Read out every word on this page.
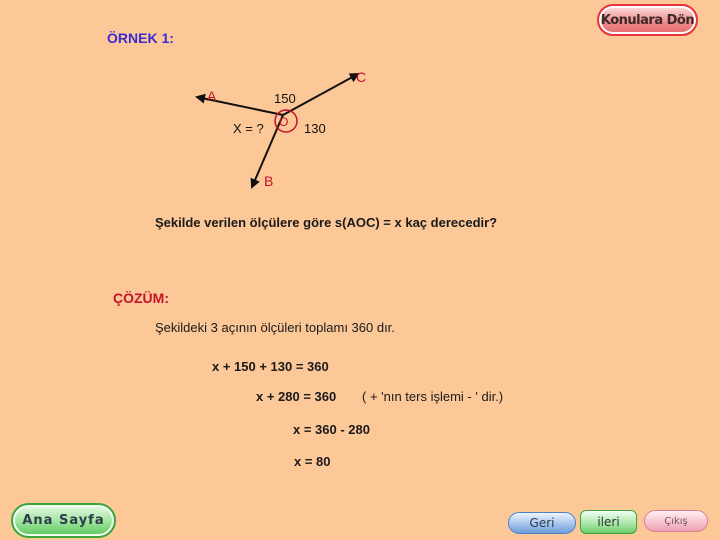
Konulara Dön
ÖRNEK 1:
A
C
B
O
150
130
X = ?
Şekilde verilen ölçülere göre s(AOC) = x kaç derecedir?
ÇÖZÜM:
Şekildeki 3 açının ölçüleri toplamı 360 dır.
x + 150 + 130 = 360
x + 280 = 360 ( + 'nın ters işlemi - ' dir.)
x = 360 - 280
x = 80
Ana Sayfa	Geri	ileri	Çıkış
